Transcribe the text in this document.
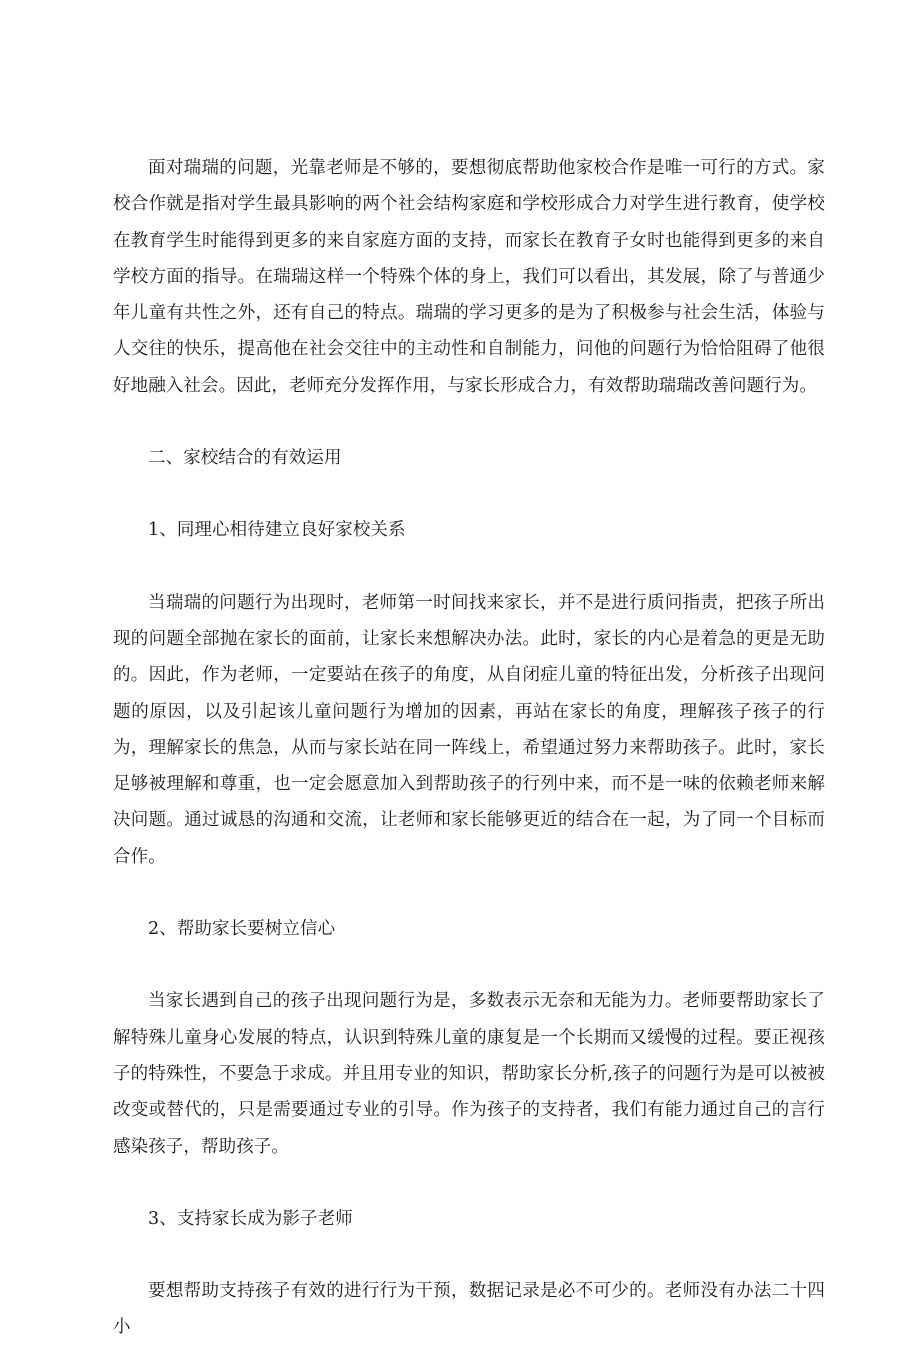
面对瑞瑞的问题，光靠老师是不够的，要想彻底帮助他家校合作是唯一可行的方式。家校合作就是指对学生最具影响的两个社会结构家庭和学校形成合力对学生进行教育，使学校在教育学生时能得到更多的来自家庭方面的支持，而家长在教育子女时也能得到更多的来自学校方面的指导。在瑞瑞这样一个特殊个体的身上，我们可以看出，其发展，除了与普通少年儿童有共性之外，还有自己的特点。瑞瑞的学习更多的是为了积极参与社会生活，体验与人交往的快乐，提高他在社会交往中的主动性和自制能力，问他的问题行为恰恰阻碍了他很好地融入社会。因此，老师充分发挥作用，与家长形成合力，有效帮助瑞瑞改善问题行为。

二、家校结合的有效运用

1、同理心相待建立良好家校关系

当瑞瑞的问题行为出现时，老师第一时间找来家长，并不是进行质问指责，把孩子所出现的问题全部抛在家长的面前，让家长来想解决办法。此时，家长的内心是着急的更是无助的。因此，作为老师，一定要站在孩子的角度，从自闭症儿童的特征出发，分析孩子出现问题的原因，以及引起该儿童问题行为增加的因素，再站在家长的角度，理解孩子孩子的行为，理解家长的焦急，从而与家长站在同一阵线上，希望通过努力来帮助孩子。此时，家长足够被理解和尊重，也一定会愿意加入到帮助孩子的行列中来，而不是一味的依赖老师来解决问题。通过诚恳的沟通和交流，让老师和家长能够更近的结合在一起，为了同一个目标而合作。

2、帮助家长要树立信心

当家长遇到自己的孩子出现问题行为是，多数表示无奈和无能为力。老师要帮助家长了解特殊儿童身心发展的特点，认识到特殊儿童的康复是一个长期而又缓慢的过程。要正视孩子的特殊性，不要急于求成。并且用专业的知识，帮助家长分析,孩子的问题行为是可以被被改变或替代的，只是需要通过专业的引导。作为孩子的支持者，我们有能力通过自己的言行感染孩子，帮助孩子。

3、支持家长成为影子老师

要想帮助支持孩子有效的进行行为干预，数据记录是必不可少的。老师没有办法二十四小
